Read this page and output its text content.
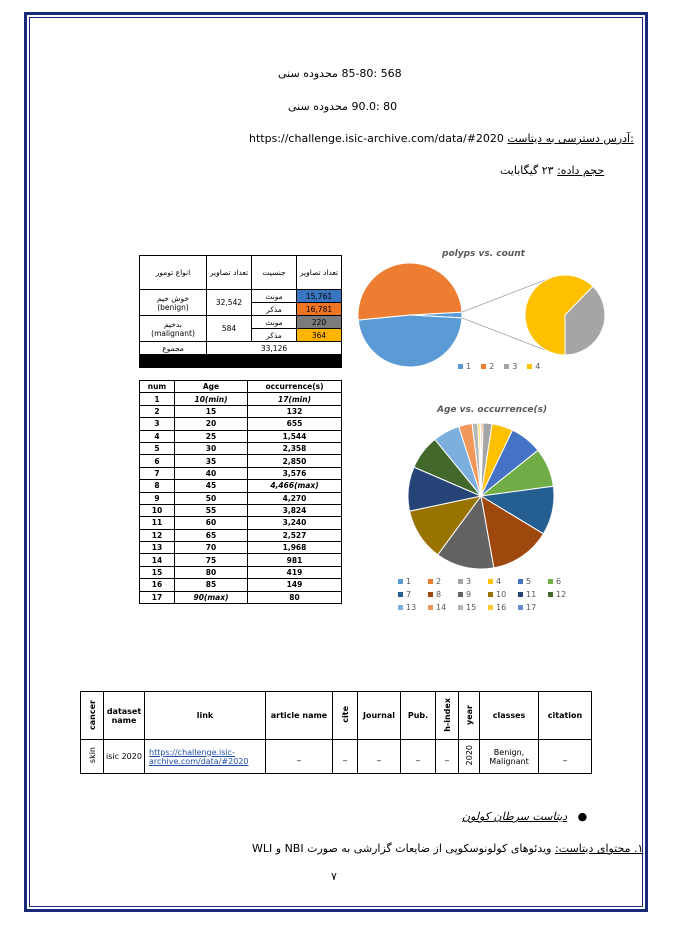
568 :85-80 محدوده سنی
80 :90.0 محدوده سنی
https://challenge.isic-archive.com/data/#2020 آدرس دسترسی به دیتاست:
حجم داده: ۲۳ گیگابایت
تعداد تصاویر	جنسیت	تعداد تصاویر	انواع تومور
15,761	مونث	32,542	خوش خیم
(benign)
16,781	مذکر		
220	مونث	584	بدخیم
(malignant)
364	مذکر		
33,126			مجموع

num	Age	occurrence(s)
1	10(min)	17(min)
2	15	132
3	20	655
4	25	1,544
5	30	2,358
6	35	2,850
7	40	3,576
8	45	4,466(max)
9	50	4,270
10	55	3,824
11	60	3,240
12	65	2,527
13	70	1,968
14	75	981
15	80	419
16	85	149
17	90(max)	80
polyps vs. count
1 2 3 4
Age vs. occurrence(s)
1	2	3	4	5	67	8	9	10 11 1213 14 15 16 17
cancer	dataset name	link	article name	cite	Journal	Pub.	h-index	year	classes	citation
skin	isic 2020	https://challenge.isic-archive.com/data/#2020	_	_	_	_	_	2020	Benign, Malignant	_
●   دیتاست سرطان کولون
۱. محتوای دیتاست: ویدئوهای کولونوسکوپی از ضایعات گزارشی به صورت NBI و WLI
۷
